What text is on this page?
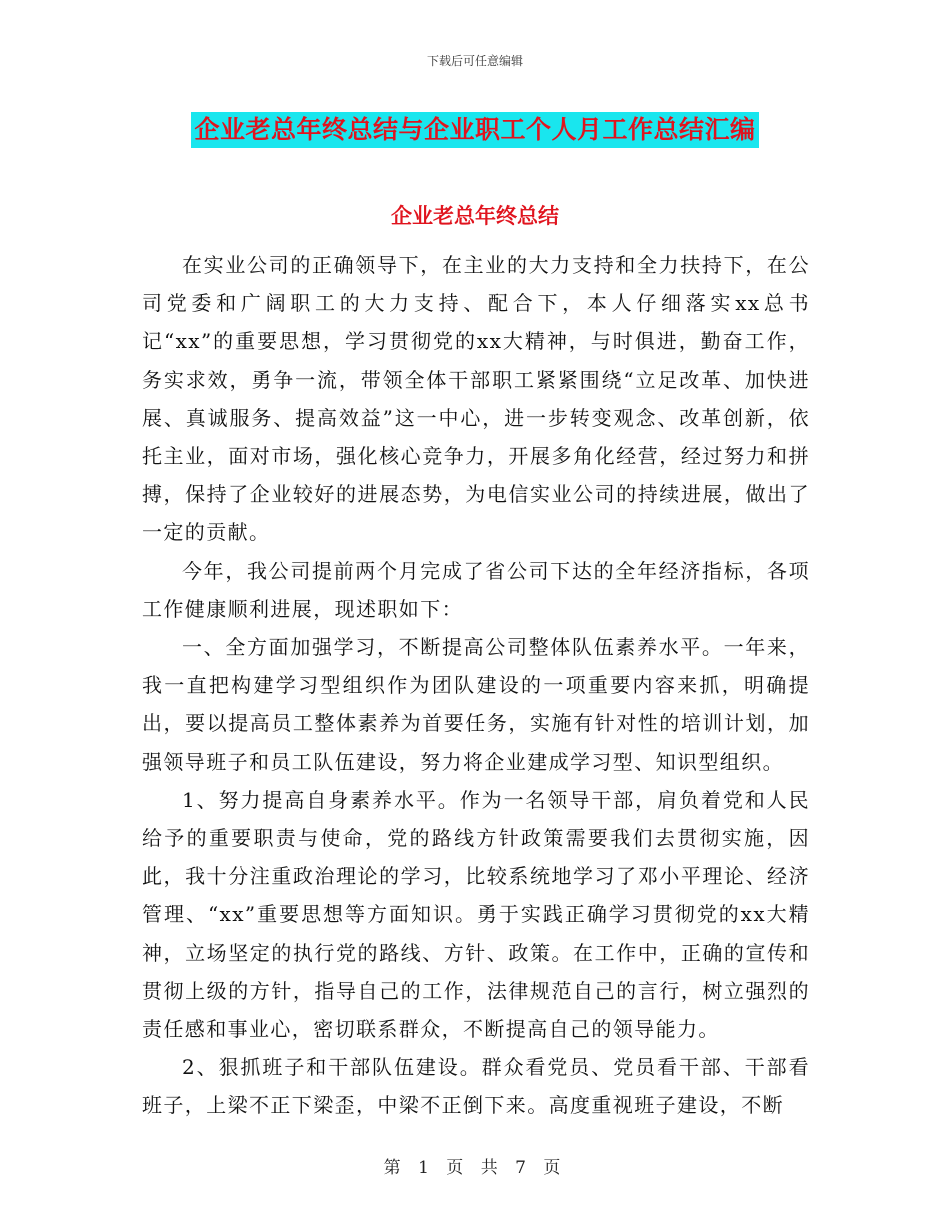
下载后可任意编辑
企业老总年终总结与企业职工个人月工作总结汇编
企业老总年终总结

在实业公司的正确领导下，在主业的大力支持和全力扶持下，在公司党委和广阔职工的大力支持、配合下，本人仔细落实xx总书记“xx”的重要思想，学习贯彻党的xx大精神，与时俱进，勤奋工作，务实求效，勇争一流，带领全体干部职工紧紧围绕“立足改革、加快进展、真诚服务、提高效益”这一中心，进一步转变观念、改革创新，依托主业，面对市场，强化核心竞争力，开展多角化经营，经过努力和拼搏，保持了企业较好的进展态势，为电信实业公司的持续进展，做出了一定的贡献。

今年，我公司提前两个月完成了省公司下达的全年经济指标，各项工作健康顺利进展，现述职如下：

一、全方面加强学习，不断提高公司整体队伍素养水平。一年来，我一直把构建学习型组织作为团队建设的一项重要内容来抓，明确提出，要以提高员工整体素养为首要任务，实施有针对性的培训计划，加强领导班子和员工队伍建设，努力将企业建成学习型、知识型组织。

1、努力提高自身素养水平。作为一名领导干部，肩负着党和人民给予的重要职责与使命，党的路线方针政策需要我们去贯彻实施，因此，我十分注重政治理论的学习，比较系统地学习了邓小平理论、经济管理、“xx”重要思想等方面知识。勇于实践正确学习贯彻党的xx大精神，立场坚定的执行党的路线、方针、政策。在工作中，正确的宣传和贯彻上级的方针，指导自己的工作，法律规范自己的言行，树立强烈的责任感和事业心，密切联系群众，不断提高自己的领导能力。

2、狠抓班子和干部队伍建设。群众看党员、党员看干部、干部看班子，上梁不正下梁歪，中梁不正倒下来。高度重视班子建设，不断

第 1 页 共 7 页
